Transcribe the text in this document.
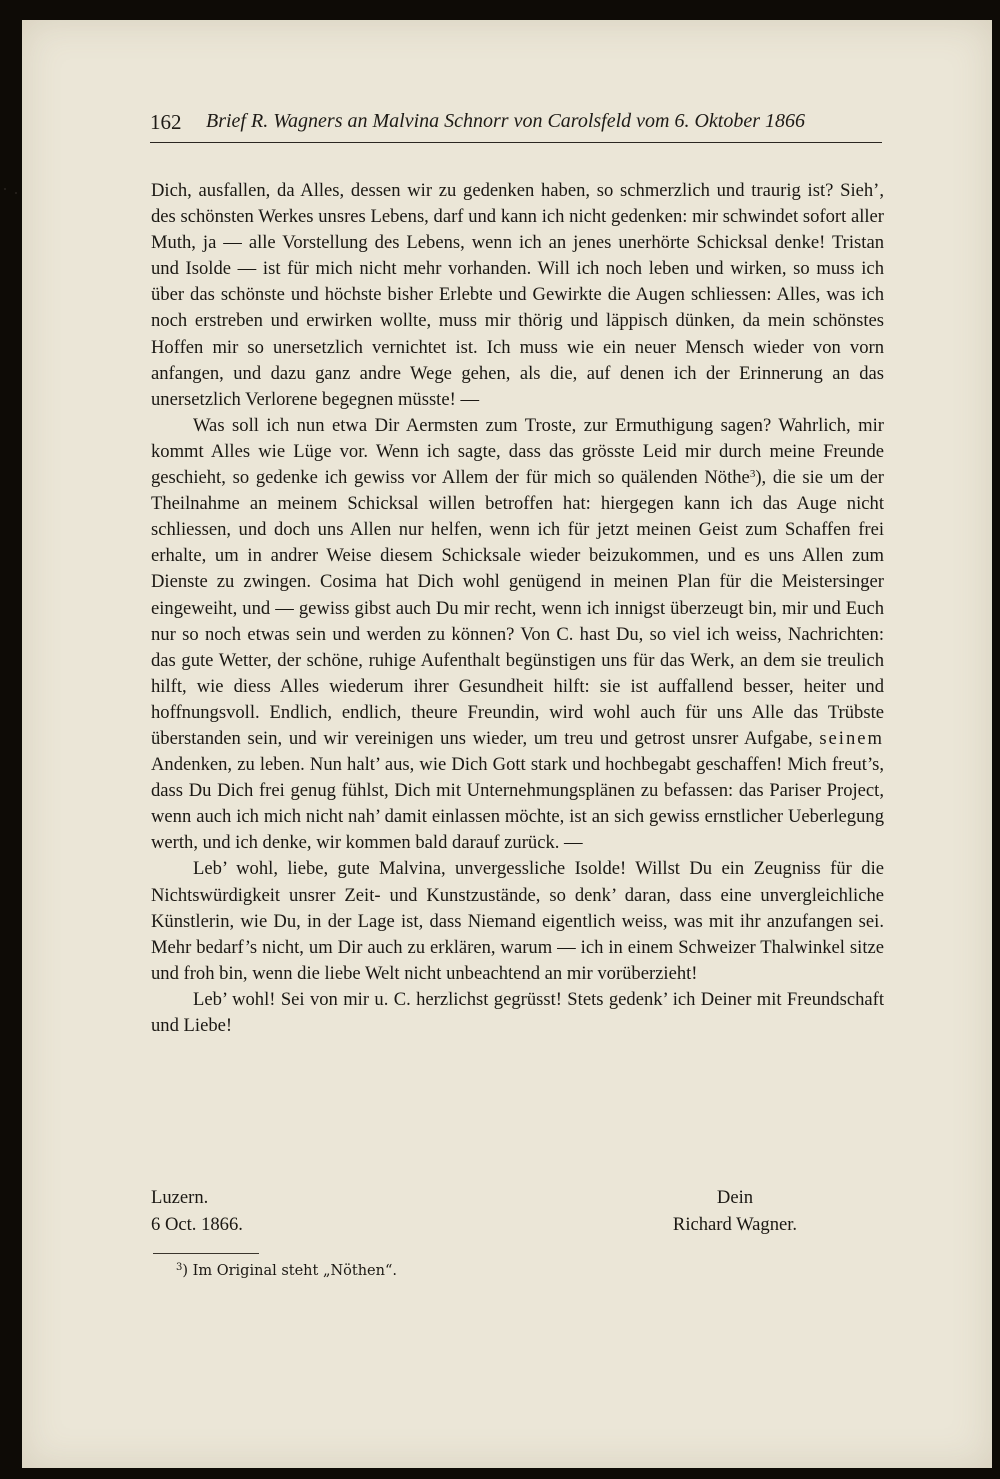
162 Brief R. Wagners an Malvina Schnorr von Carolsfeld vom 6. Oktober 1866

Dich, ausfallen, da Alles, dessen wir zu gedenken haben, so schmerzlich und traurig ist? Sieh’, des schönsten Werkes unsres Lebens, darf und kann ich nicht gedenken: mir schwindet sofort aller Muth, ja — alle Vorstellung des Lebens, wenn ich an jenes unerhörte Schicksal denke! Tristan und Isolde — ist für mich nicht mehr vorhanden. Will ich noch leben und wirken, so muss ich über das schönste und höchste bisher Erlebte und Gewirkte die Augen schliessen: Alles, was ich noch erstreben und erwirken wollte, muss mir thörig und läppisch dünken, da mein schönstes Hoffen mir so unersetzlich vernichtet ist. Ich muss wie ein neuer Mensch wieder von vorn anfangen, und dazu ganz andre Wege gehen, als die, auf denen ich der Erinnerung an das unersetzlich Verlorene begegnen müsste! —

Was soll ich nun etwa Dir Aermsten zum Troste, zur Ermuthigung sagen? Wahrlich, mir kommt Alles wie Lüge vor. Wenn ich sagte, dass das grösste Leid mir durch meine Freunde geschieht, so gedenke ich gewiss vor Allem der für mich so quälenden Nöthe$^3$), die sie um der Theilnahme an meinem Schicksal willen betroffen hat: hiergegen kann ich das Auge nicht schliessen, und doch uns Allen nur helfen, wenn ich für jetzt meinen Geist zum Schaffen frei erhalte, um in andrer Weise diesem Schicksale wieder beizukommen, und es uns Allen zum Dienste zu zwingen. Cosima hat Dich wohl genügend in meinen Plan für die Meistersinger eingeweiht, und — gewiss gibst auch Du mir recht, wenn ich innigst überzeugt bin, mir und Euch nur so noch etwas sein und werden zu können? Von C. hast Du, so viel ich weiss, Nachrichten: das gute Wetter, der schöne, ruhige Aufenthalt begünstigen uns für das Werk, an dem sie treulich hilft, wie diess Alles wiederum ihrer Gesundheit hilft: sie ist auffallend besser, heiter und hoffnungsvoll. Endlich, endlich, theure Freundin, wird wohl auch für uns Alle das Trübste überstanden sein, und wir vereinigen uns wieder, um treu und getrost unsrer Aufgabe, seinem Andenken, zu leben. Nun halt’ aus, wie Dich Gott stark und hochbegabt geschaffen! Mich freut’s, dass Du Dich frei genug fühlst, Dich mit Unternehmungsplänen zu befassen: das Pariser Project, wenn auch ich mich nicht nah’ damit einlassen möchte, ist an sich gewiss ernstlicher Ueberlegung werth, und ich denke, wir kommen bald darauf zurück. —

Leb’ wohl, liebe, gute Malvina, unvergessliche Isolde! Willst Du ein Zeugniss für die Nichtswürdigkeit unsrer Zeit- und Kunstzustände, so denk’ daran, dass eine unvergleichliche Künstlerin, wie Du, in der Lage ist, dass Niemand eigentlich weiss, was mit ihr anzufangen sei. Mehr bedarf’s nicht, um Dir auch zu erklären, warum — ich in einem Schweizer Thalwinkel sitze und froh bin, wenn die liebe Welt nicht unbeachtend an mir vorüberzieht!

Leb’ wohl! Sei von mir u. C. herzlichst gegrüsst! Stets gedenk’ ich Deiner mit Freundschaft und Liebe!

Luzern.
6 Oct. 1866.
Dein
Richard Wagner.
$^3$) Im Original steht „Nöthen“.
